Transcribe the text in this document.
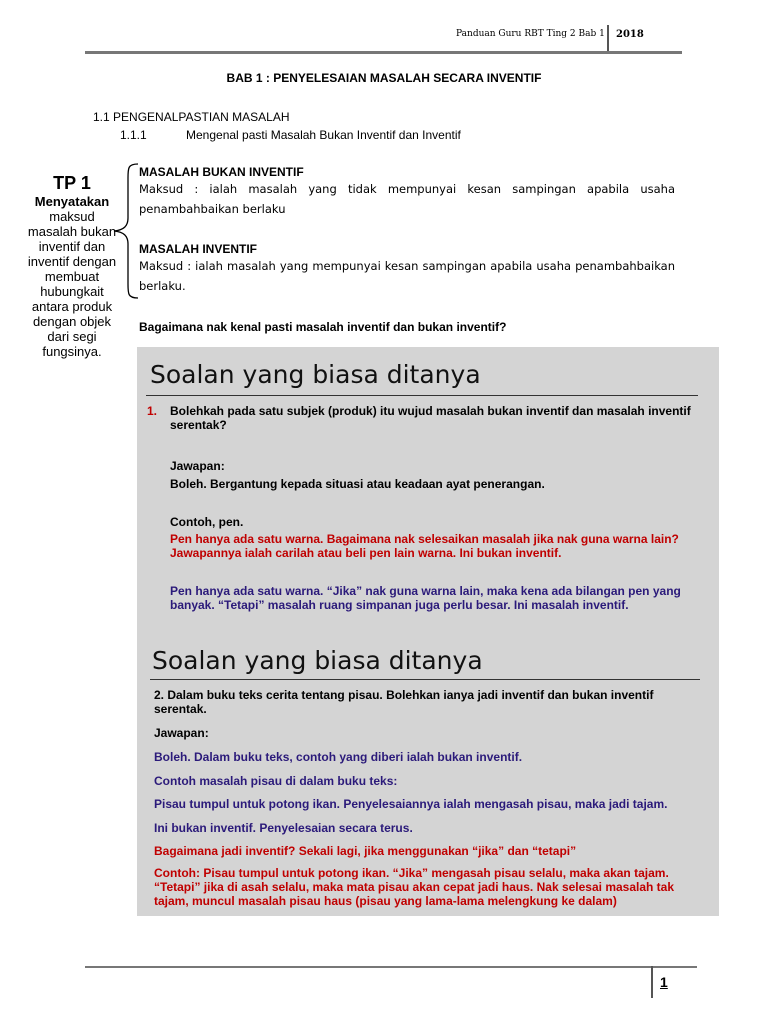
Panduan Guru RBT Ting 2 Bab 1 2018
BAB 1 : PENYELESAIAN MASALAH SECARA INVENTIF
1.1 PENGENALPASTIAN MASALAH
1.1.1	Mengenal pasti Masalah Bukan Inventif dan Inventif
TP 1
Menyatakan
maksud masalah bukan inventif dan inventif dengan membuat hubungkait antara produk dengan objek dari segi fungsinya.
MASALAH BUKAN INVENTIF
Maksud : ialah masalah yang tidak mempunyai kesan sampingan apabila usaha penambahbaikan berlaku
MASALAH INVENTIF
Maksud : ialah masalah yang mempunyai kesan sampingan apabila usaha penambahbaikan berlaku.
Bagaimana nak kenal pasti masalah inventif dan bukan inventif?
Soalan yang biasa ditanya
1. Bolehkah pada satu subjek (produk) itu wujud masalah bukan inventif dan masalah inventif serentak?
Jawapan:
Boleh. Bergantung kepada situasi atau keadaan ayat penerangan.
Contoh, pen.
Pen hanya ada satu warna. Bagaimana nak selesaikan masalah jika nak guna warna lain? Jawapannya ialah carilah atau beli pen lain warna. Ini bukan inventif.
Pen hanya ada satu warna. “Jika” nak guna warna lain, maka kena ada bilangan pen yang banyak. “Tetapi” masalah ruang simpanan juga perlu besar. Ini masalah inventif.
Soalan yang biasa ditanya
2. Dalam buku teks cerita tentang pisau. Bolehkan ianya jadi inventif dan bukan inventif serentak.
Jawapan:
Boleh. Dalam buku teks, contoh yang diberi ialah bukan inventif.
Contoh masalah pisau di dalam buku teks:
Pisau tumpul untuk potong ikan. Penyelesaiannya ialah mengasah pisau, maka jadi tajam.
Ini bukan inventif. Penyelesaian secara terus.
Bagaimana jadi inventif? Sekali lagi, jika menggunakan “jika” dan “tetapi”
Contoh: Pisau tumpul untuk potong ikan. “Jika” mengasah pisau selalu, maka akan tajam. “Tetapi” jika di asah selalu, maka mata pisau akan cepat jadi haus. Nak selesai masalah tak tajam, muncul masalah pisau haus (pisau yang lama-lama melengkung ke dalam)
1
